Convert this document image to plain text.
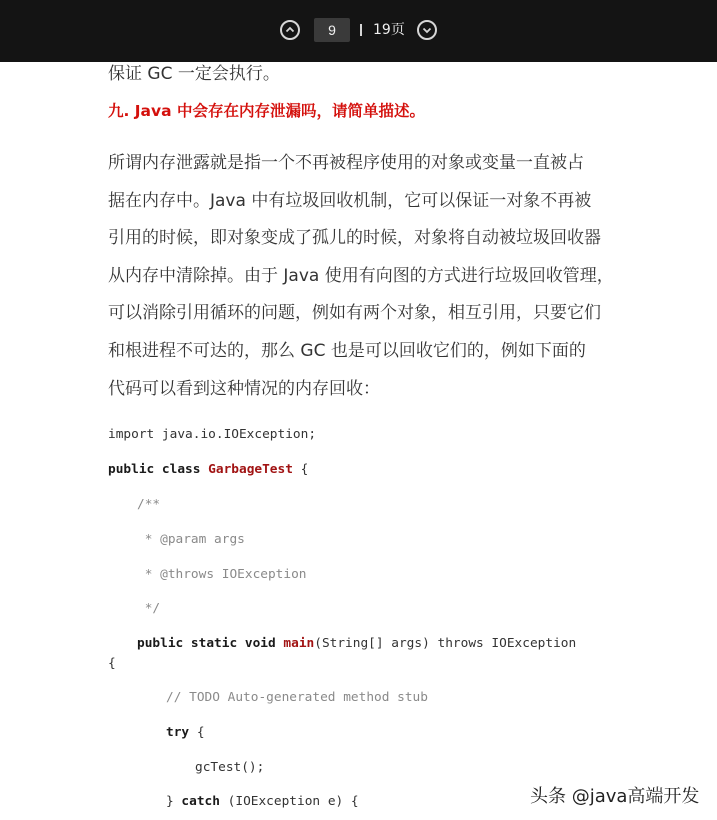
9	19页
保证 GC 一定会执行。
九. Java 中会存在内存泄漏吗，请简单描述。
所谓内存泄露就是指一个不再被程序使用的对象或变量一直被占
据在内存中。Java 中有垃圾回收机制，它可以保证一对象不再被
引用的时候，即对象变成了孤儿的时候，对象将自动被垃圾回收器
从内存中清除掉。由于 Java 使用有向图的方式进行垃圾回收管理，
可以消除引用循环的问题，例如有两个对象，相互引用，只要它们
和根进程不可达的，那么 GC 也是可以回收它们的，例如下面的
代码可以看到这种情况的内存回收：
import java.io.IOException;
public class GarbageTest {
/**
* @param args
* @throws IOException
*/
public static void main(String[] args) throws IOException
{
// TODO Auto-generated method stub
try {
gcTest();
} catch (IOException e) {	头条 @java高端开发
